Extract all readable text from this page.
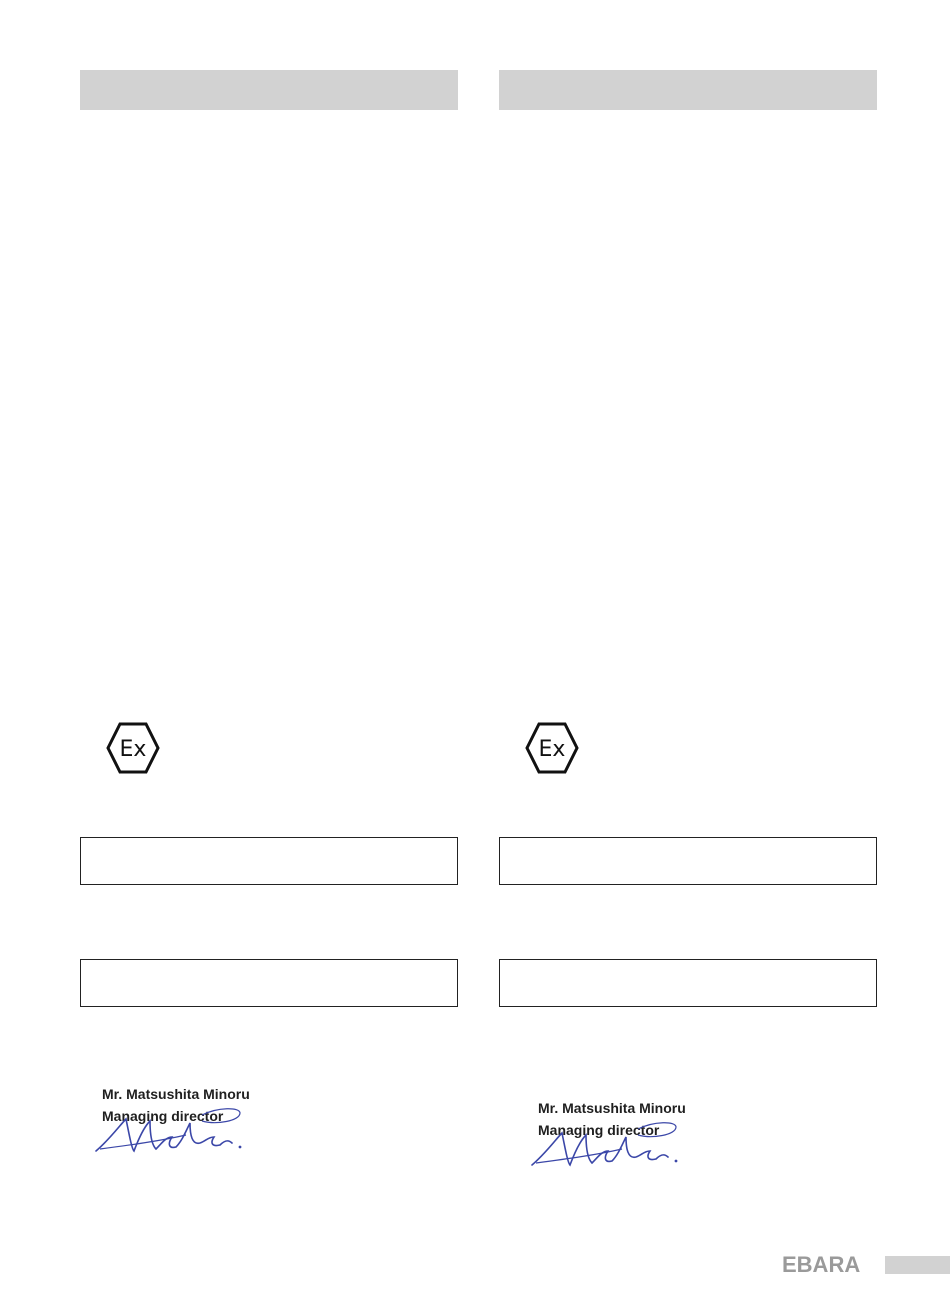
Ex
Mr. Matsushita Minoru
Managing director
Ex
Mr. Matsushita Minoru
Managing director
EBARA
